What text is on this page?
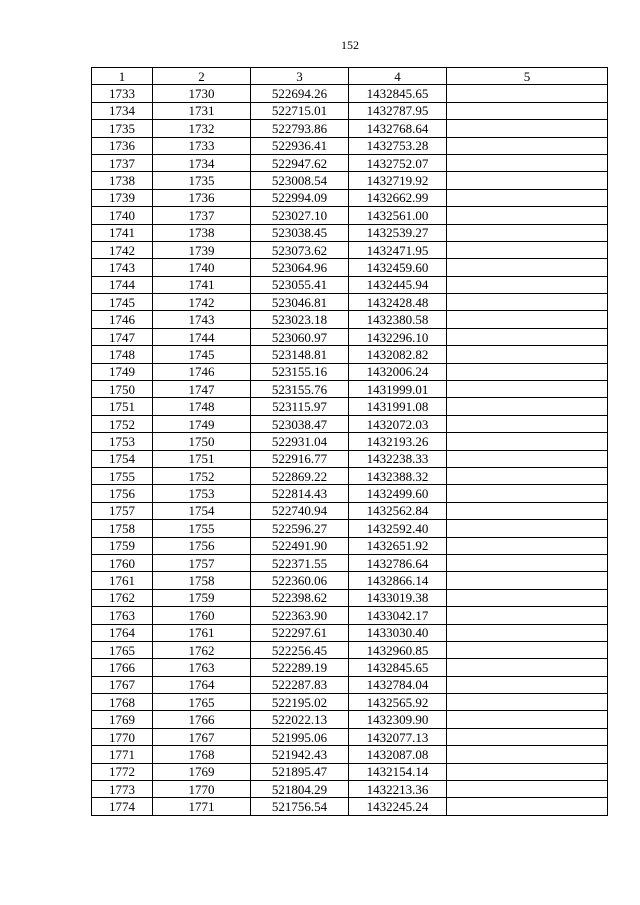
152
1	2	3	4	5
1733	1730	522694.26	1432845.65	
1734	1731	522715.01	1432787.95	
1735	1732	522793.86	1432768.64	
1736	1733	522936.41	1432753.28	
1737	1734	522947.62	1432752.07	
1738	1735	523008.54	1432719.92	
1739	1736	522994.09	1432662.99	
1740	1737	523027.10	1432561.00	
1741	1738	523038.45	1432539.27	
1742	1739	523073.62	1432471.95	
1743	1740	523064.96	1432459.60	
1744	1741	523055.41	1432445.94	
1745	1742	523046.81	1432428.48	
1746	1743	523023.18	1432380.58	
1747	1744	523060.97	1432296.10	
1748	1745	523148.81	1432082.82	
1749	1746	523155.16	1432006.24	
1750	1747	523155.76	1431999.01	
1751	1748	523115.97	1431991.08	
1752	1749	523038.47	1432072.03	
1753	1750	522931.04	1432193.26	
1754	1751	522916.77	1432238.33	
1755	1752	522869.22	1432388.32	
1756	1753	522814.43	1432499.60	
1757	1754	522740.94	1432562.84	
1758	1755	522596.27	1432592.40	
1759	1756	522491.90	1432651.92	
1760	1757	522371.55	1432786.64	
1761	1758	522360.06	1432866.14	
1762	1759	522398.62	1433019.38	
1763	1760	522363.90	1433042.17	
1764	1761	522297.61	1433030.40	
1765	1762	522256.45	1432960.85	
1766	1763	522289.19	1432845.65	
1767	1764	522287.83	1432784.04	
1768	1765	522195.02	1432565.92	
1769	1766	522022.13	1432309.90	
1770	1767	521995.06	1432077.13	
1771	1768	521942.43	1432087.08	
1772	1769	521895.47	1432154.14	
1773	1770	521804.29	1432213.36	
1774	1771	521756.54	1432245.24	
